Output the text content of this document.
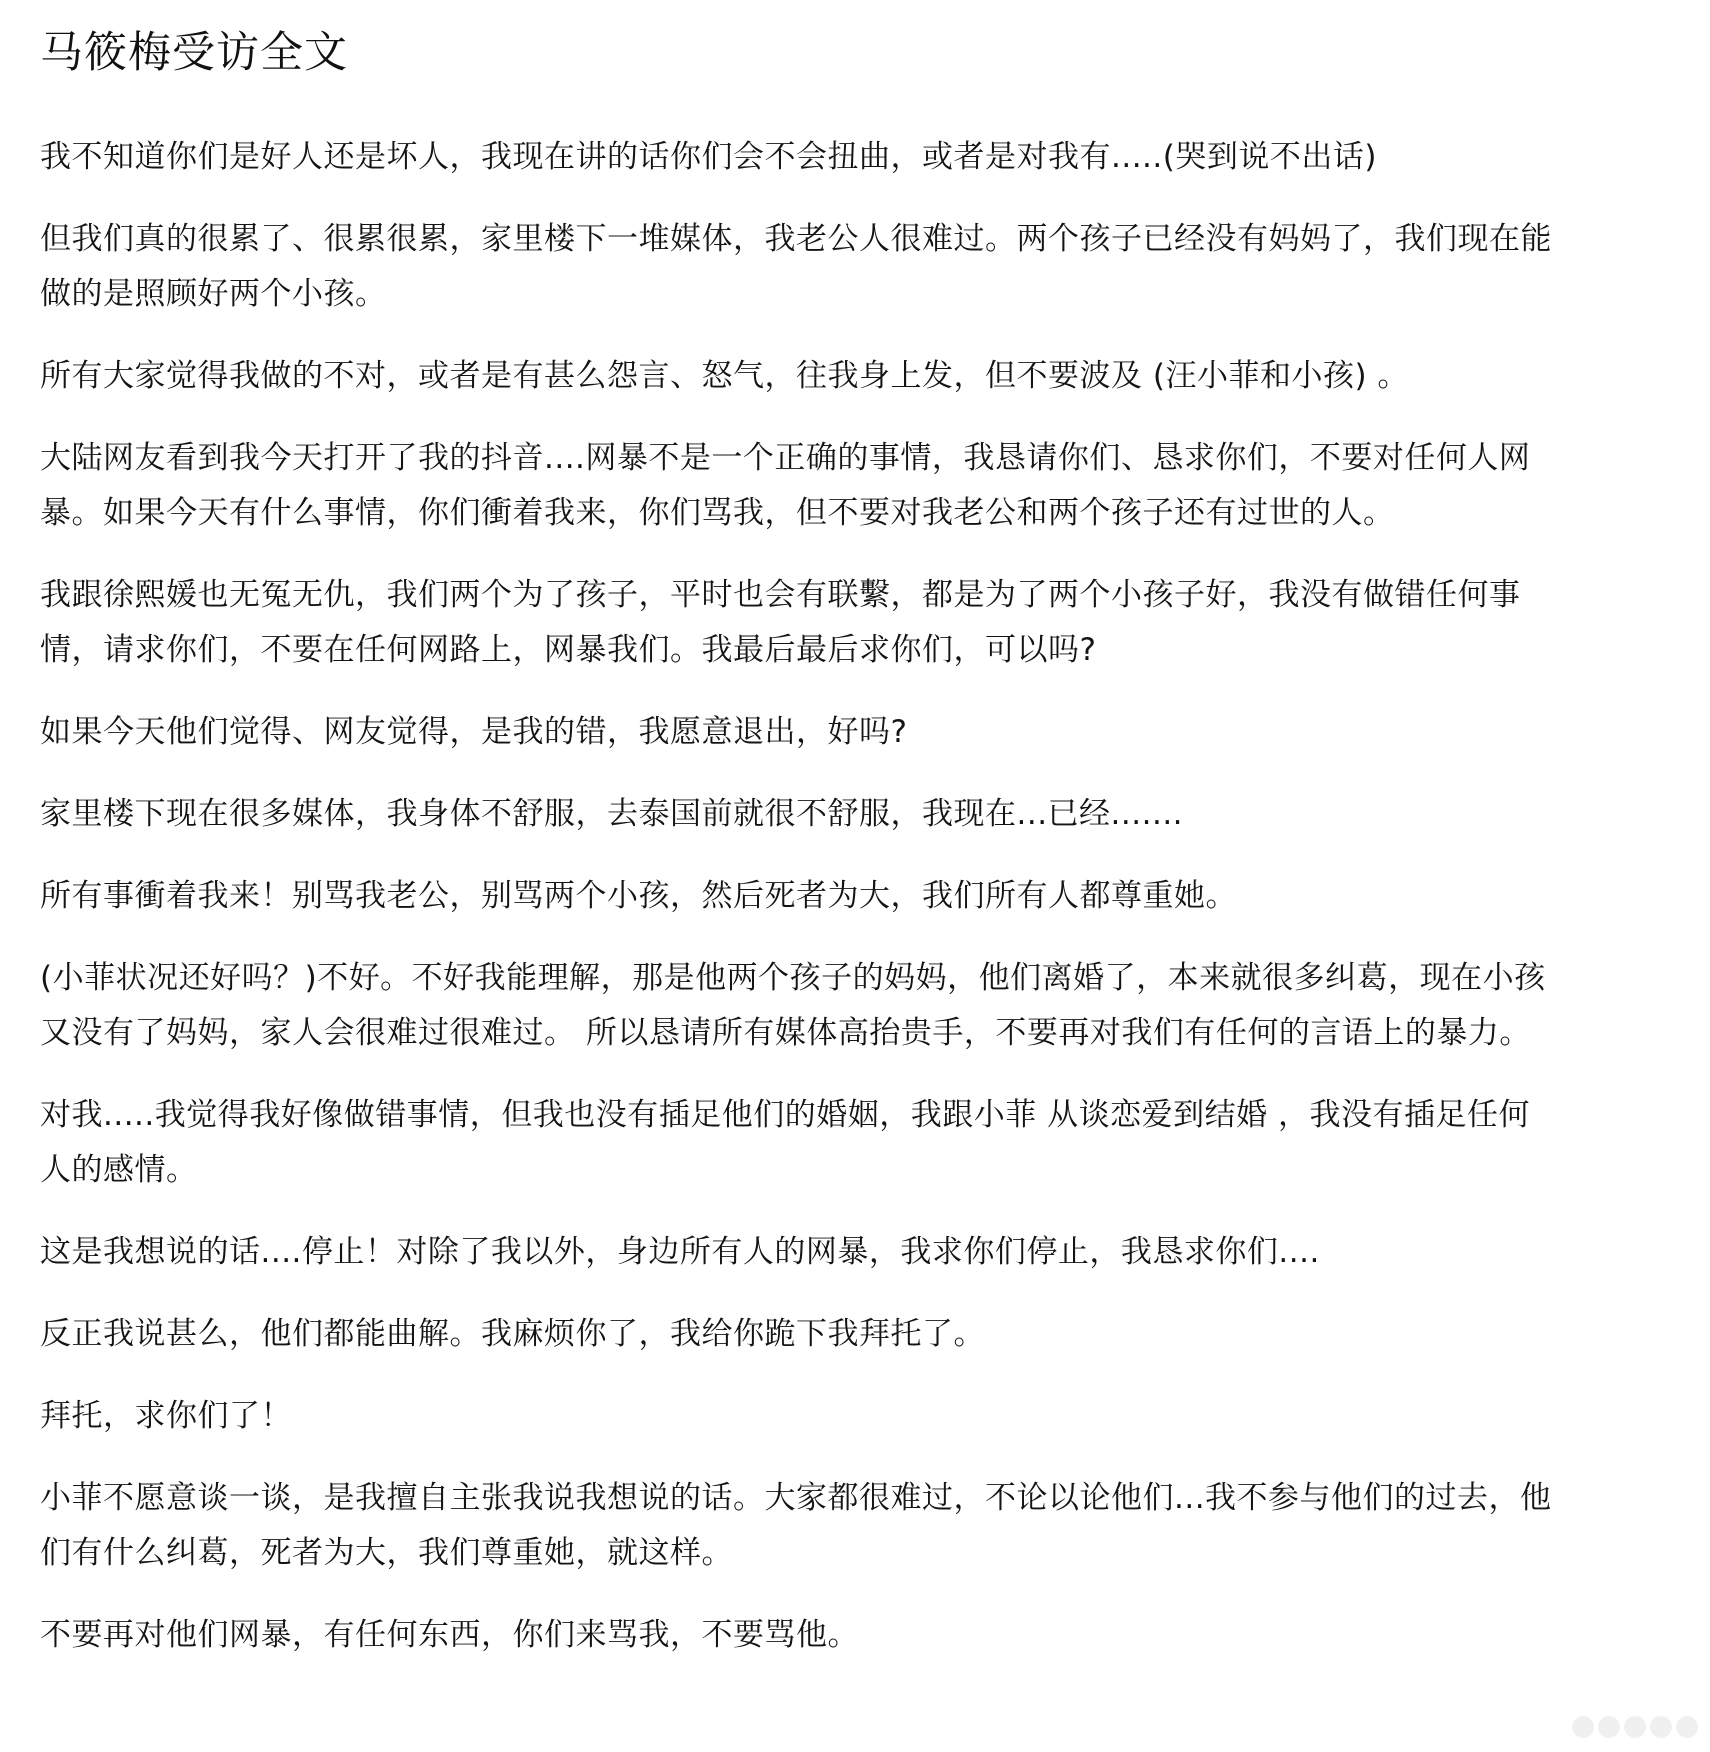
马筱梅受访全文

我不知道你们是好人还是坏人，我现在讲的话你们会不会扭曲，或者是对我有.....(哭到说不出话)

但我们真的很累了、很累很累，家里楼下一堆媒体，我老公人很难过。两个孩子已经没有妈妈了，我们现在能做的是照顾好两个小孩。

所有大家觉得我做的不对，或者是有甚么怨言、怒气，往我身上发，但不要波及 (汪小菲和小孩) 。

大陆网友看到我今天打开了我的抖音....网暴不是一个正确的事情，我恳请你们、恳求你们，不要对任何人网暴。如果今天有什么事情，你们衝着我来，你们骂我，但不要对我老公和两个孩子还有过世的人。

我跟徐熙媛也无冤无仇，我们两个为了孩子，平时也会有联繫，都是为了两个小孩子好，我没有做错任何事情，请求你们，不要在任何网路上，网暴我们。我最后最后求你们，可以吗?

如果今天他们觉得、网友觉得，是我的错，我愿意退出，好吗?

家里楼下现在很多媒体，我身体不舒服，去泰国前就很不舒服，我现在...已经.......

所有事衝着我来！别骂我老公，别骂两个小孩，然后死者为大，我们所有人都尊重她。

(小菲状况还好吗？)不好。不好我能理解，那是他两个孩子的妈妈，他们离婚了，本来就很多纠葛，现在小孩又没有了妈妈，家人会很难过很难过。 所以恳请所有媒体高抬贵手，不要再对我们有任何的言语上的暴力。

对我.....我觉得我好像做错事情，但我也没有插足他们的婚姻，我跟小菲 从谈恋爱到结婚 ，我没有插足任何人的感情。

这是我想说的话....停止！对除了我以外，身边所有人的网暴，我求你们停止，我恳求你们....

反正我说甚么，他们都能曲解。我麻烦你了，我给你跪下我拜托了。

拜托，求你们了！

小菲不愿意谈一谈，是我擅自主张我说我想说的话。大家都很难过，不论以论他们...我不参与他们的过去，他们有什么纠葛，死者为大，我们尊重她，就这样。

不要再对他们网暴，有任何东西，你们来骂我，不要骂他。
